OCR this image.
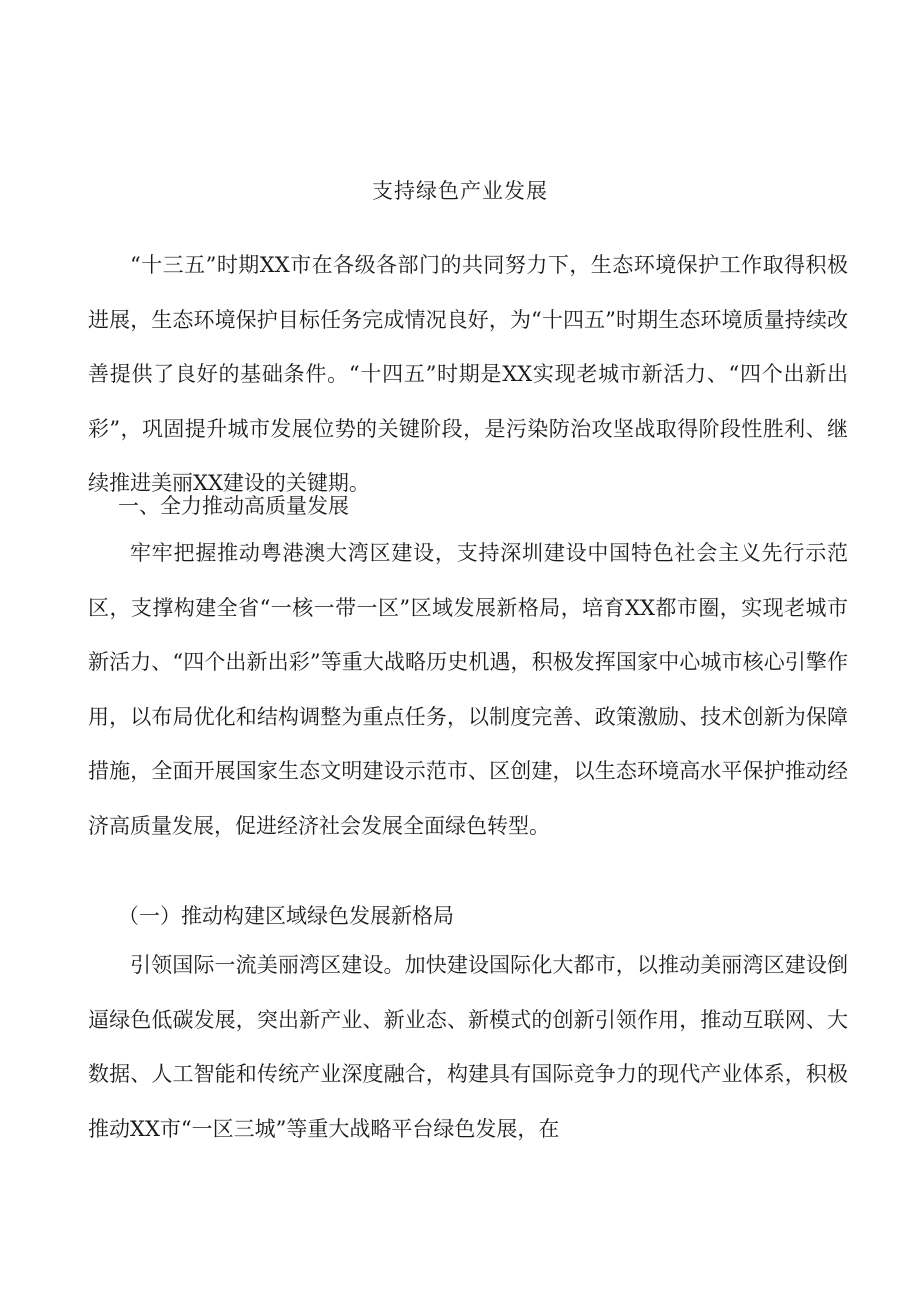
支持绿色产业发展

“十三五”时期XX市在各级各部门的共同努力下，生态环境保护工作取得积极进展，生态环境保护目标任务完成情况良好，为“十四五”时期生态环境质量持续改善提供了良好的基础条件。“十四五”时期是XX实现老城市新活力、“四个出新出彩”，巩固提升城市发展位势的关键阶段，是污染防治攻坚战取得阶段性胜利、继续推进美丽XX建设的关键期。

一、全力推动高质量发展

牢牢把握推动粤港澳大湾区建设，支持深圳建设中国特色社会主义先行示范区，支撑构建全省“一核一带一区”区域发展新格局，培育XX都市圈，实现老城市新活力、“四个出新出彩”等重大战略历史机遇，积极发挥国家中心城市核心引擎作用，以布局优化和结构调整为重点任务，以制度完善、政策激励、技术创新为保障措施，全面开展国家生态文明建设示范市、区创建，以生态环境高水平保护推动经济高质量发展，促进经济社会发展全面绿色转型。

（一）推动构建区域绿色发展新格局

引领国际一流美丽湾区建设。加快建设国际化大都市，以推动美丽湾区建设倒逼绿色低碳发展，突出新产业、新业态、新模式的创新引领作用，推动互联网、大数据、人工智能和传统产业深度融合，构建具有国际竞争力的现代产业体系，积极推动XX市“一区三城”等重大战略平台绿色发展，在
